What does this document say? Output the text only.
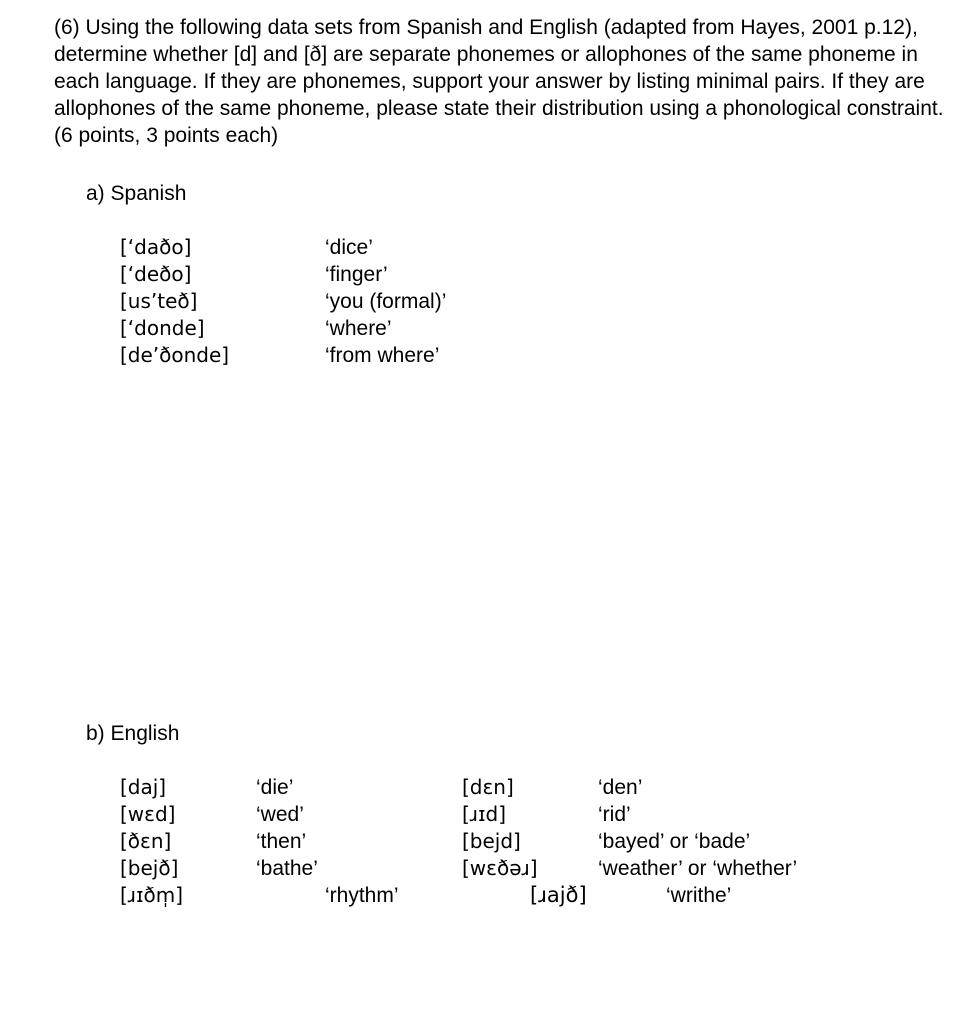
(6) Using the following data sets from Spanish and English (adapted from Hayes, 2001 p.12), determine whether [d] and [ð] are separate phonemes or allophones of the same phoneme in each language. If they are phonemes, support your answer by listing minimal pairs. If they are allophones of the same phoneme, please state their distribution using a phonological constraint. (6 points, 3 points each)

a) Spanish
[‘daðo]
[‘deðo]
[us’teð]
[‘donde]
[de’ðonde]
‘dice’
‘finger’
‘you (formal)’
‘where’
‘from where’
b) English
[daj]
[wɛd]
[ðɛn]
[bejð]
[ɹɪðm̩]
‘die’
‘wed’
‘then’
‘bathe’
‘rhythm’
[dɛn]
[ɹɪd]
[bejd]
[wɛðəɹ]
[ɹajð]
‘den’
‘rid’
‘bayed’ or ‘bade’
‘weather’ or ‘whether’
‘writhe’
